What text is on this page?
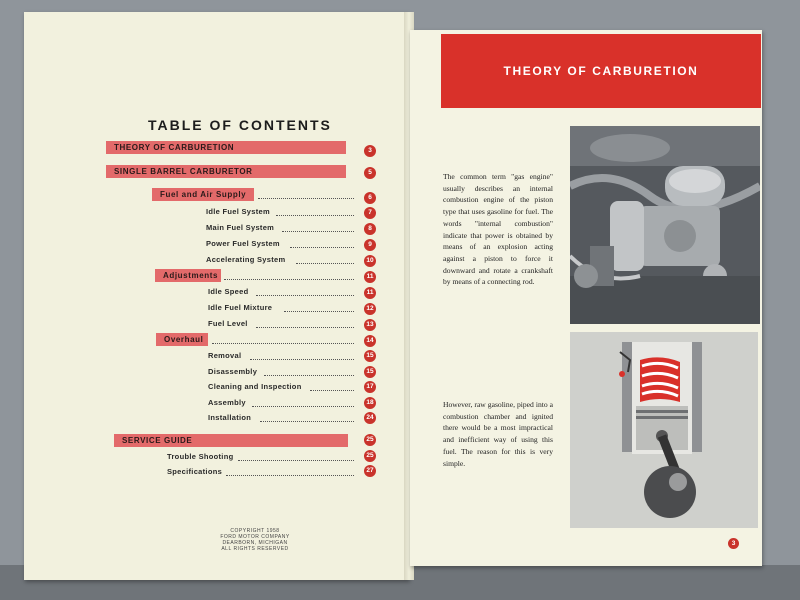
TABLE OF CONTENTS
THEORY OF CARBURETION	3
SINGLE BARREL CARBURETOR	5
Fuel and Air Supply	6
Idle Fuel System	7
Main Fuel System	8
Power Fuel System	9
Accelerating System	10
Adjustments	11
Idle Speed	11
Idle Fuel Mixture	12
Fuel Level	13
Overhaul	14
Removal	15
Disassembly	15
Cleaning and Inspection	17
Assembly	18
Installation	24
SERVICE GUIDE	25
Trouble Shooting	25
Specifications	27
COPYRIGHT 1958
FORD MOTOR COMPANY
DEARBORN, MICHIGAN
ALL RIGHTS RESERVED
THEORY OF CARBURETION
The common term "gas engine" usually describes an internal combustion engine of the piston type that uses gasoline for fuel. The words "internal combustion" indicate that power is obtained by means of an explosion acting against a piston to force it downward and rotate a crankshaft by means of a connecting rod.
However, raw gasoline, piped into a combustion chamber and ignited there would be a most impractical and inefficient way of using this fuel. The reason for this is very simple.
3
